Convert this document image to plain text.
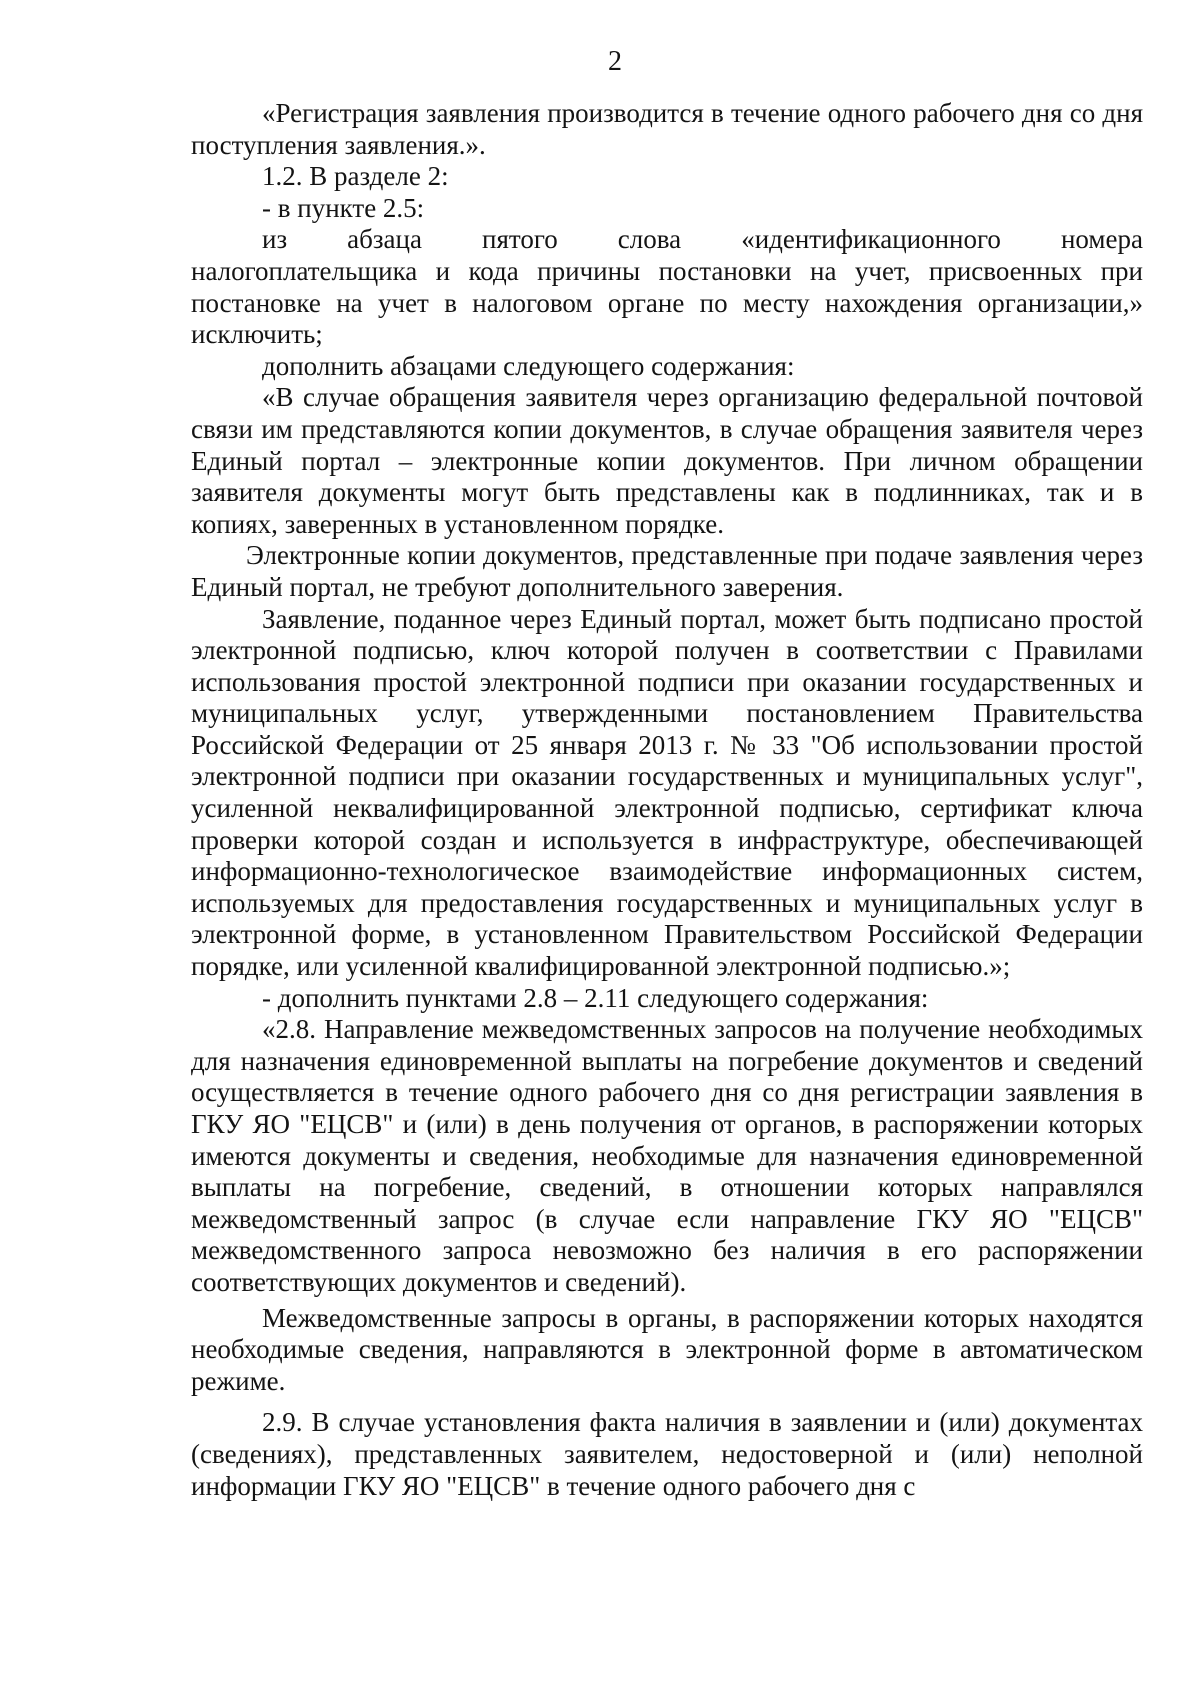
2

«Регистрация заявления производится в течение одного рабочего дня со дня поступления заявления.».

1.2. В разделе 2:

- в пункте 2.5:

из абзаца пятого слова «идентификационного номера

налогоплательщика и кода причины постановки на учет, присвоенных при постановке на учет в налоговом органе по месту нахождения организации,» исключить;

дополнить абзацами следующего содержания:

«В случае обращения заявителя через организацию федеральной почтовой связи им представляются копии документов, в случае обращения заявителя через Единый портал – электронные копии документов. При личном обращении заявителя документы могут быть представлены как в подлинниках, так и в копиях, заверенных в установленном порядке.

Электронные копии документов, представленные при подаче заявления через Единый портал, не требуют дополнительного заверения.

Заявление, поданное через Единый портал, может быть подписано простой электронной подписью, ключ которой получен в соответствии с Правилами использования простой электронной подписи при оказании государственных и муниципальных услуг, утвержденными постановлением Правительства Российской Федерации от 25 января 2013 г. № 33 "Об использовании простой электронной подписи при оказании государственных и муниципальных услуг", усиленной неквалифицированной электронной подписью, сертификат ключа проверки которой создан и используется в инфраструктуре, обеспечивающей информационно-технологическое взаимодействие информационных систем, используемых для предоставления государственных и муниципальных услуг в электронной форме, в установленном Правительством Российской Федерации порядке, или усиленной квалифицированной электронной подписью.»;

- дополнить пунктами 2.8 – 2.11 следующего содержания:

«2.8. Направление межведомственных запросов на получение необходимых для назначения единовременной выплаты на погребение документов и сведений осуществляется в течение одного рабочего дня со дня регистрации заявления в ГКУ ЯО "ЕЦСВ" и (или) в день получения от органов, в распоряжении которых имеются документы и сведения, необходимые для назначения единовременной выплаты на погребение, сведений, в отношении которых направлялся межведомственный запрос (в случае если направление ГКУ ЯО "ЕЦСВ" межведомственного запроса невозможно без наличия в его распоряжении соответствующих документов и сведений).

Межведомственные запросы в органы, в распоряжении которых находятся необходимые сведения, направляются в электронной форме в автоматическом режиме.

2.9. В случае установления факта наличия в заявлении и (или) документах (сведениях), представленных заявителем, недостоверной и (или) неполной информации ГКУ ЯО "ЕЦСВ" в течение одного рабочего дня с
